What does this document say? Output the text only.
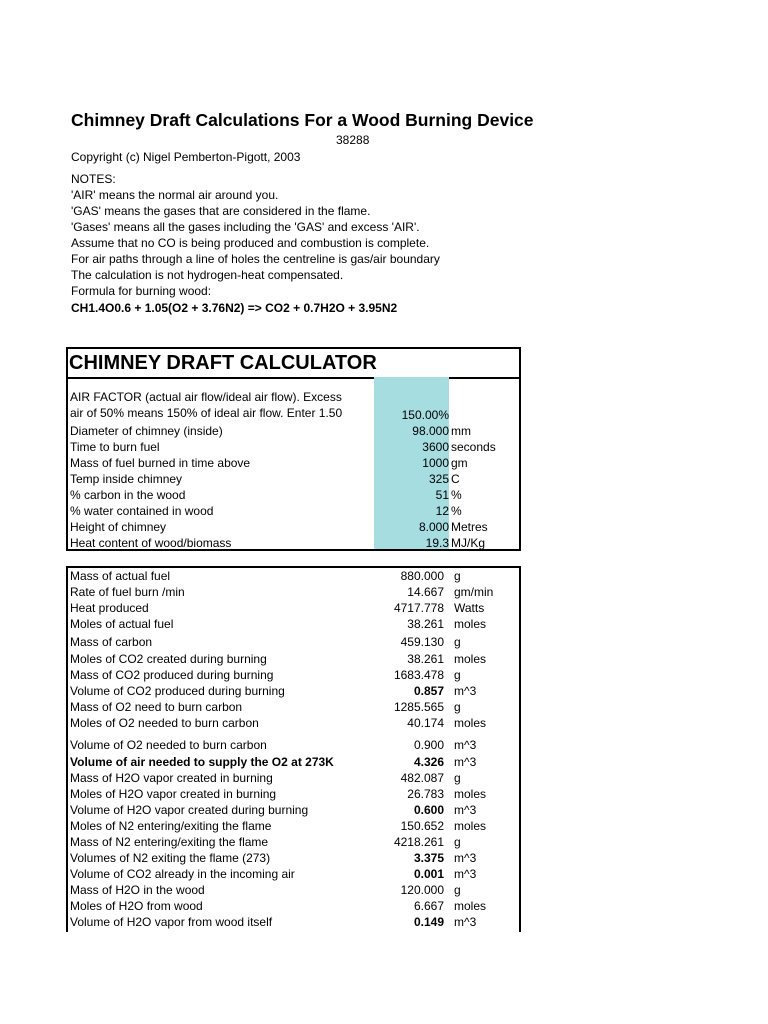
Chimney Draft Calculations For a Wood Burning Device
38288
Copyright (c) Nigel Pemberton-Pigott, 2003
NOTES:
'AIR' means the normal air around you.
'GAS' means the gases that are considered in the flame.
'Gases' means all the gases including the 'GAS' and excess 'AIR'.
Assume that no CO is being produced and combustion is complete.
For air paths through a line of holes the centreline is gas/air boundary
The calculation is not hydrogen-heat compensated.
Formula for burning wood:
CH1.4O0.6 + 1.05(O2 + 3.76N2) => CO2 + 0.7H2O + 3.95N2
CHIMNEY DRAFT CALCULATOR
AIR FACTOR (actual air flow/ideal air flow). Excess
air of 50% means 150% of ideal air flow. Enter 1.50	150.00%
Diameter of chimney (inside)	98.000 mm
Time to burn fuel	3600 seconds
Mass of fuel burned in time above	1000 gm
Temp inside chimney	325 C
% carbon in the wood	51 %
% water contained in wood	12 %
Height of chimney	8.000 Metres
Heat content of wood/biomass	19.3 MJ/Kg
Mass of actual fuel	880.000 g
Rate of fuel burn /min	14.667 gm/min
Heat produced	4717.778 Watts
Moles of actual fuel	38.261 moles
Mass of carbon	459.130 g
Moles of CO2 created during burning	38.261 moles
Mass of CO2 produced during burning	1683.478 g
Volume of CO2 produced during burning	0.857 m^3
Mass of O2 need to burn carbon	1285.565 g
Moles of O2 needed to burn carbon	40.174 moles
Volume of O2 needed to burn carbon	0.900 m^3
Volume of air needed to supply the O2 at 273K	4.326 m^3
Mass of H2O vapor created in burning	482.087 g
Moles of H2O vapor created in burning	26.783 moles
Volume of H2O vapor created during burning	0.600 m^3
Moles of N2 entering/exiting the flame	150.652 moles
Mass of N2 entering/exiting the flame	4218.261 g
Volumes of N2 exiting the flame (273)	3.375 m^3
Volume of CO2 already in the incoming air	0.001 m^3
Mass of H2O in the wood	120.000 g
Moles of H2O from wood	6.667 moles
Volume of H2O vapor from wood itself	0.149 m^3
